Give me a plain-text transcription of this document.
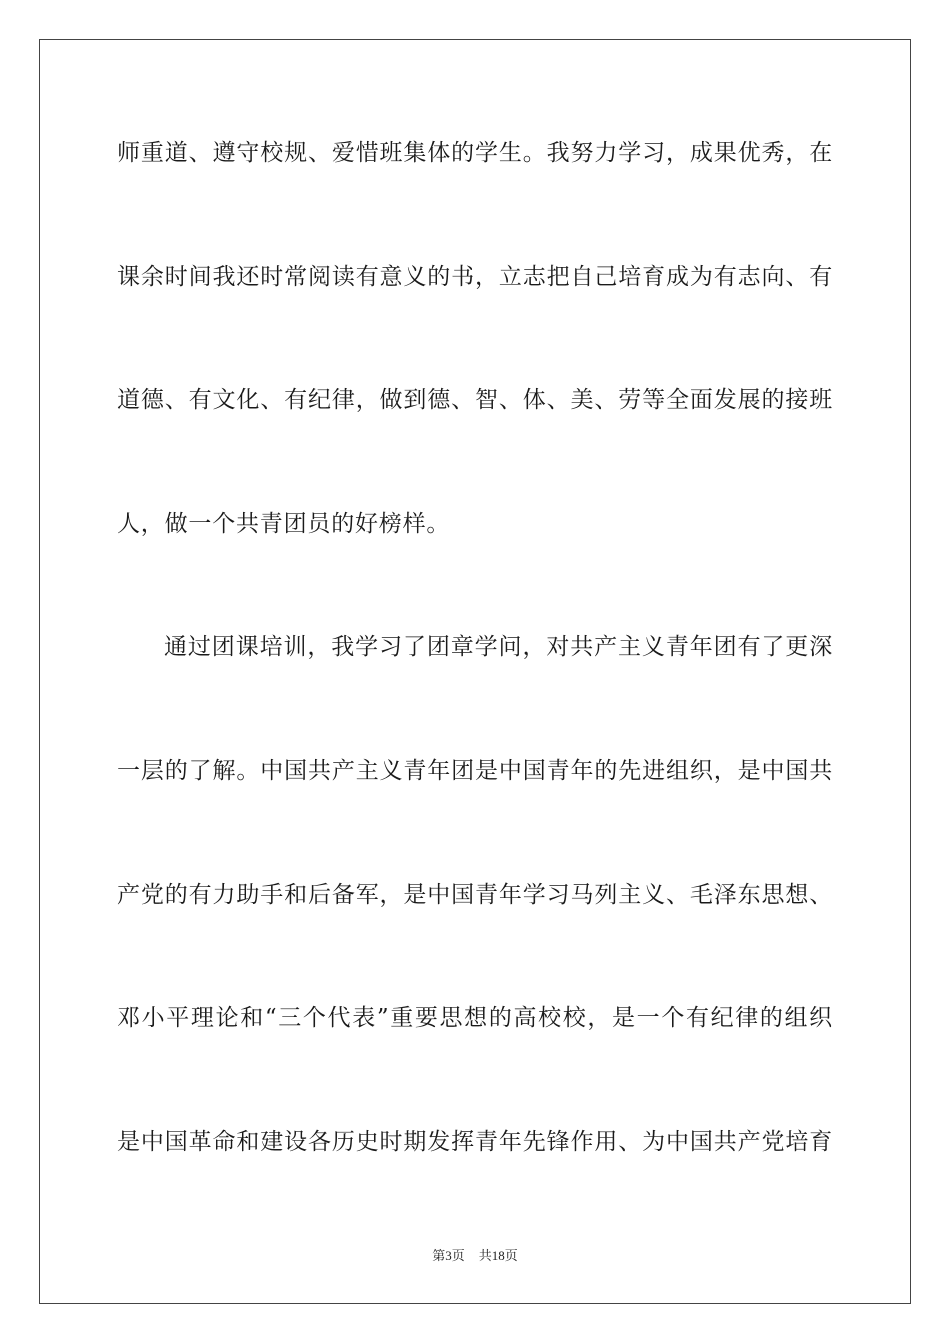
师重道、遵守校规、爱惜班集体的学生。我努力学习，成果优秀，在
课余时间我还时常阅读有意义的书，立志把自己培育成为有志向、有
道德、有文化、有纪律，做到德、智、体、美、劳等全面发展的接班
人，做一个共青团员的好榜样。
通过团课培训，我学习了团章学问，对共产主义青年团有了更深
一层的了解。中国共产主义青年团是中国青年的先进组织，是中国共
产党的有力助手和后备军，是中国青年学习马列主义、毛泽东思想、
邓小平理论和“三个代表”重要思想的高校校，是一个有纪律的组织
是中国革命和建设各历史时期发挥青年先锋作用、为中国共产党培育
第3页 共18页
